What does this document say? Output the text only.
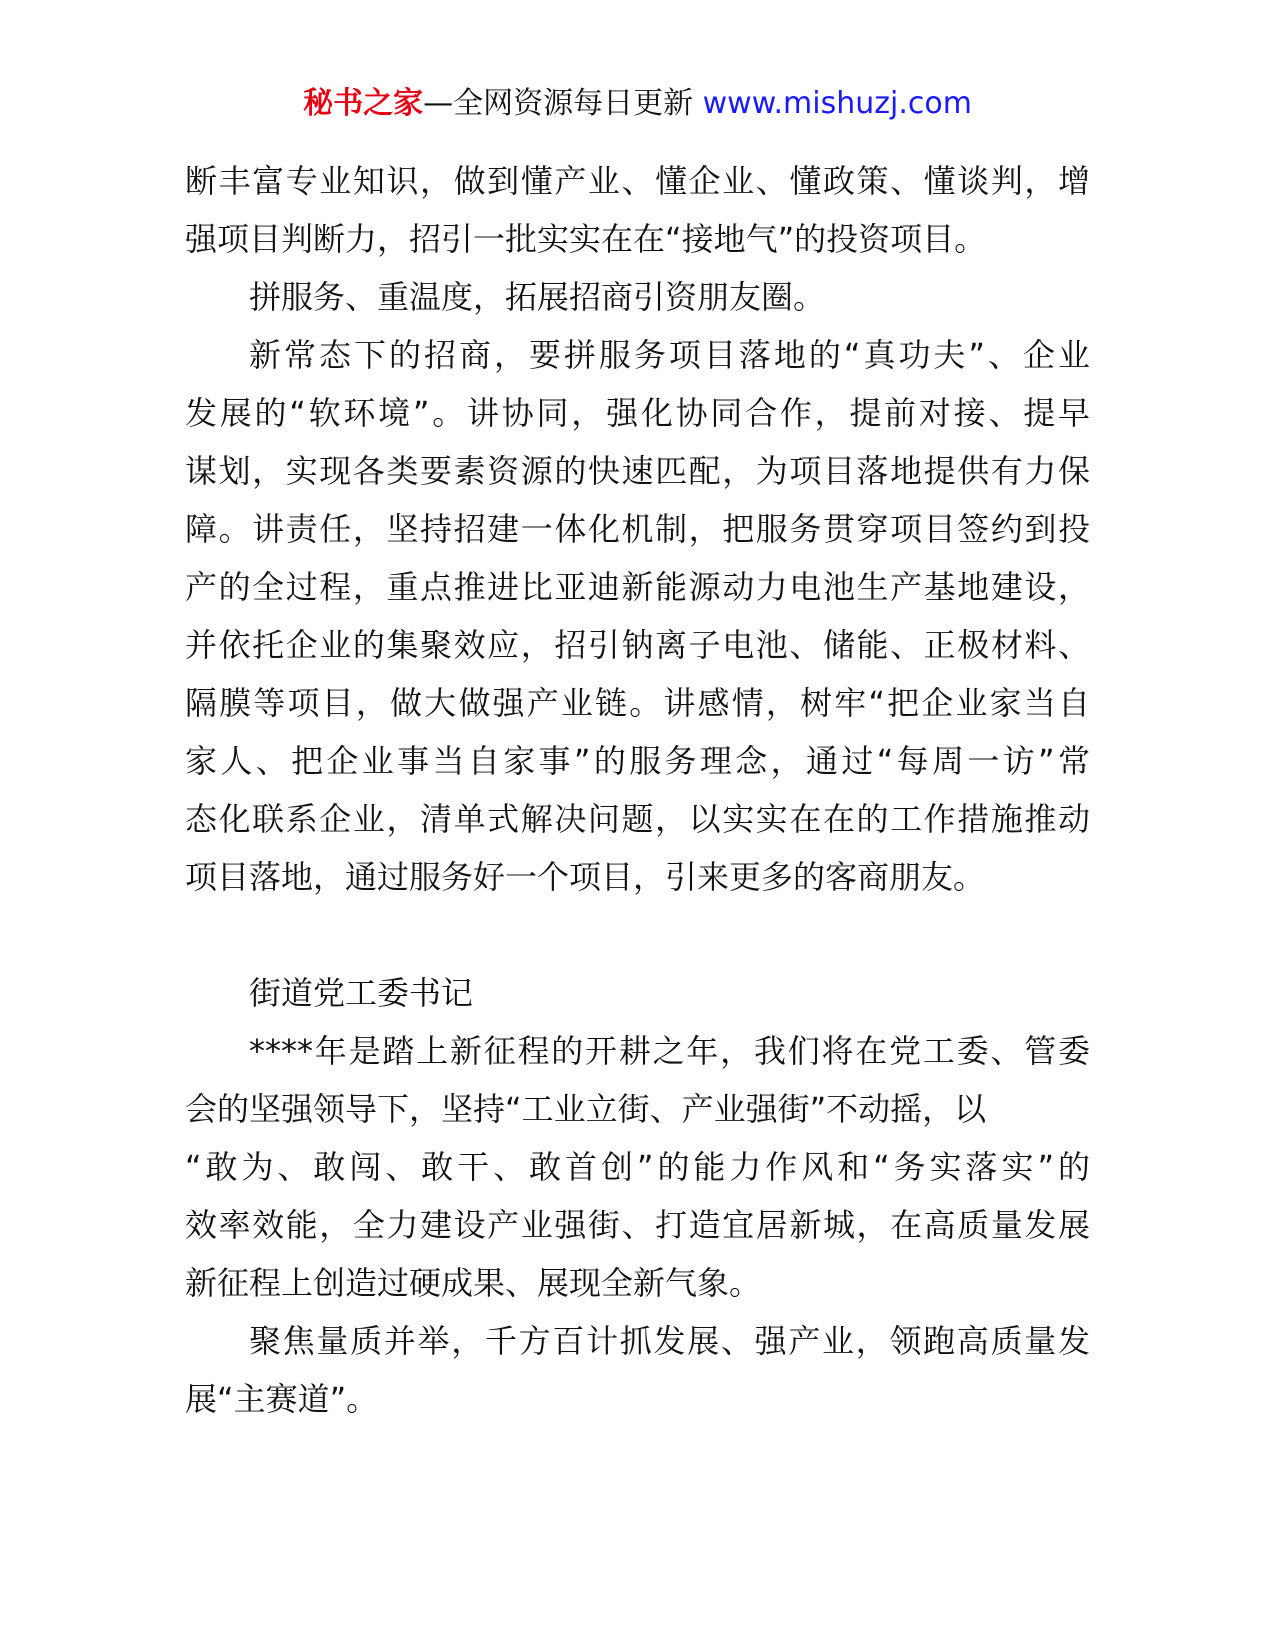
秘书之家—全网资源每日更新 www.mishuzj.com
断丰富专业知识，做到懂产业、懂企业、懂政策、懂谈判，增
强项目判断力，招引一批实实在在“接地气”的投资项目。
拼服务、重温度，拓展招商引资朋友圈。
新常态下的招商，要拼服务项目落地的“真功夫”、企业
发展的“软环境”。讲协同，强化协同合作，提前对接、提早
谋划，实现各类要素资源的快速匹配，为项目落地提供有力保
障。讲责任，坚持招建一体化机制，把服务贯穿项目签约到投
产的全过程，重点推进比亚迪新能源动力电池生产基地建设，
并依托企业的集聚效应，招引钠离子电池、储能、正极材料、
隔膜等项目，做大做强产业链。讲感情，树牢“把企业家当自
家人、把企业事当自家事”的服务理念，通过“每周一访”常
态化联系企业，清单式解决问题，以实实在在的工作措施推动
项目落地，通过服务好一个项目，引来更多的客商朋友。
街道党工委书记
****年是踏上新征程的开耕之年，我们将在党工委、管委
会的坚强领导下，坚持“工业立街、产业强街”不动摇，以
“敢为、敢闯、敢干、敢首创”的能力作风和“务实落实”的
效率效能，全力建设产业强街、打造宜居新城，在高质量发展
新征程上创造过硬成果、展现全新气象。
聚焦量质并举，千方百计抓发展、强产业，领跑高质量发
展“主赛道”。
